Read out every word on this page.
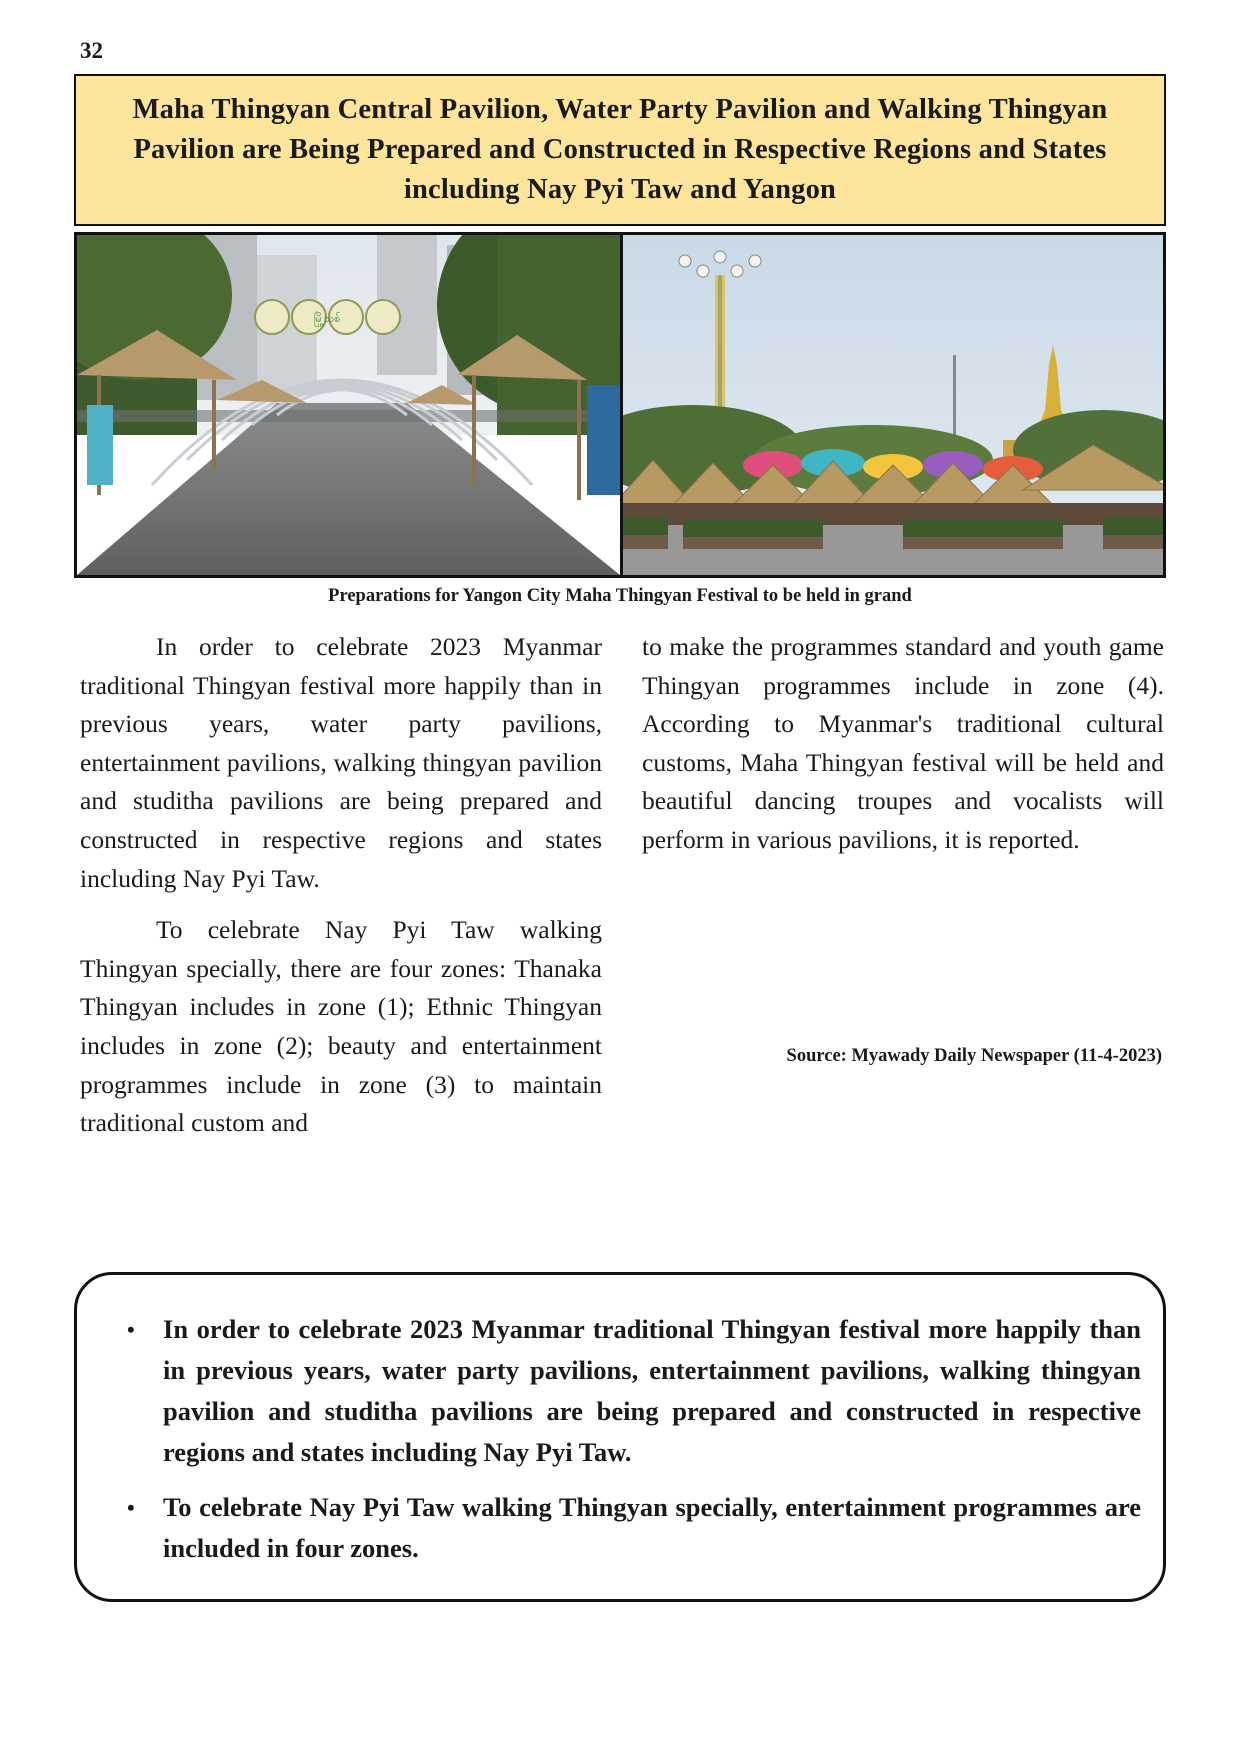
32
Maha Thingyan Central Pavilion, Water Party Pavilion and Walking Thingyan Pavilion are Being Prepared and Constructed in Respective Regions and States including Nay Pyi Taw and Yangon
မြို့သစ်
Preparations for Yangon City Maha Thingyan Festival to be held in grand

In order to celebrate 2023 Myanmar traditional Thingyan festival more happily than in previous years, water party pavilions, entertainment pavilions, walking thingyan pavilion and studitha pavilions are being prepared and constructed in respective regions and states including Nay Pyi Taw.

To celebrate Nay Pyi Taw walking Thingyan specially, there are four zones: Thanaka Thingyan includes in zone (1); Ethnic Thingyan includes in zone (2); beauty and entertainment programmes include in zone (3) to maintain traditional custom and

to make the programmes standard and youth game Thingyan programmes include in zone (4). According to Myanmar's traditional cultural customs, Maha Thingyan festival will be held and beautiful dancing troupes and vocalists will perform in various pavilions, it is reported.

Source: Myawady Daily Newspaper (11-4-2023)
• In order to celebrate 2023 Myanmar traditional Thingyan festival more happily than in previous years, water party pavilions, entertainment pavilions, walking thingyan pavilion and studitha pavilions are being prepared and constructed in respective regions and states including Nay Pyi Taw.
• To celebrate Nay Pyi Taw walking Thingyan specially, entertainment programmes are included in four zones.
